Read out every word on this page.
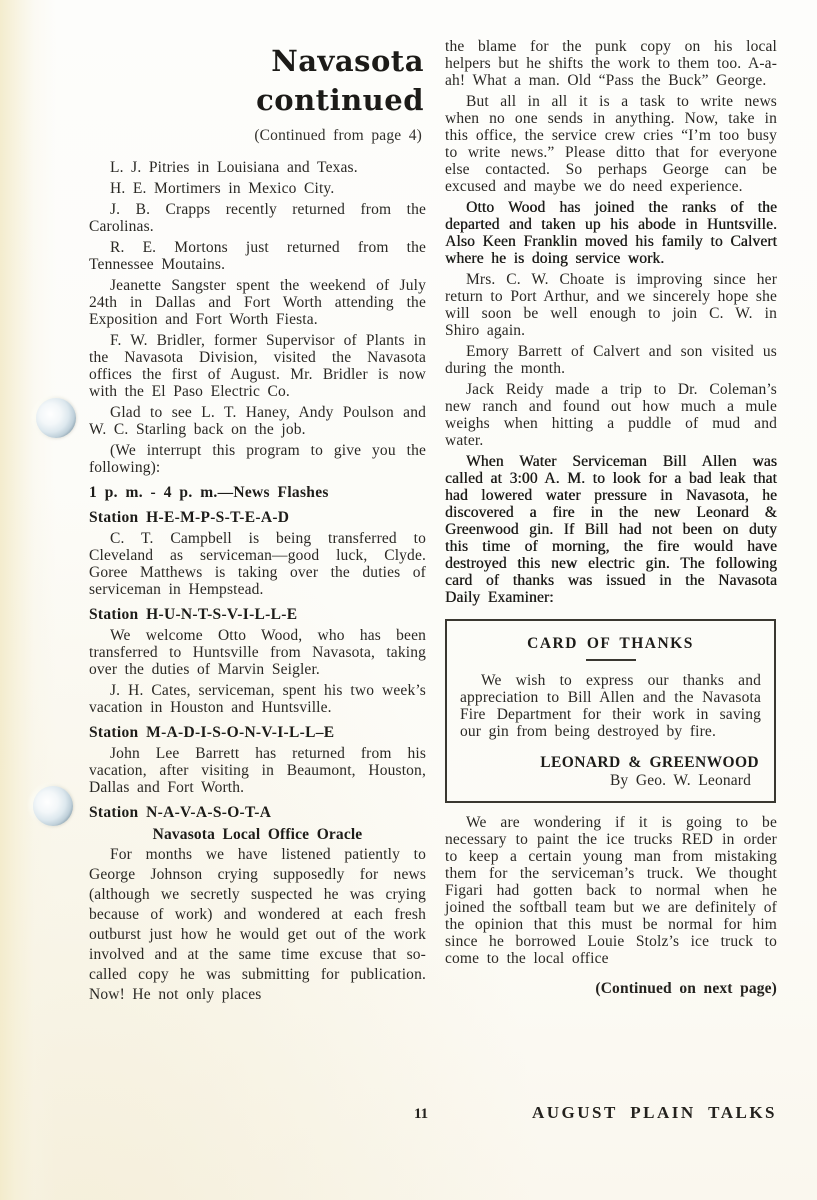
Navasota
continued
(Continued from page 4)

L. J. Pitries in Louisiana and Texas.

H. E. Mortimers in Mexico City.

J. B. Crapps recently returned from the Carolinas.

R. E. Mortons just returned from the Tennessee Moutains.

Jeanette Sangster spent the weekend of July 24th in Dallas and Fort Worth attending the Exposition and Fort Worth Fiesta.

F. W. Bridler, former Supervisor of Plants in the Navasota Division, visited the Navasota offices the first of August. Mr. Bridler is now with the El Paso Electric Co.

Glad to see L. T. Haney, Andy Poulson and W. C. Starling back on the job.

(We interrupt this program to give you the following):

1 p. m. - 4 p. m.—News Flashes
Station H-E-M-P-S-T-E-A-D

C. T. Campbell is being transferred to Cleveland as serviceman—good luck, Clyde. Goree Matthews is taking over the duties of serviceman in Hempstead.

Station H-U-N-T-S-V-I-L-L-E

We welcome Otto Wood, who has been transferred to Huntsville from Navasota, taking over the duties of Marvin Seigler.

J. H. Cates, serviceman, spent his two week’s vacation in Houston and Huntsville.

Station M-A-D-I-S-O-N-V-I-L-L–E

John Lee Barrett has returned from his vacation, after visiting in Beaumont, Houston, Dallas and Fort Worth.

Station N-A-V-A-S-O-T-A
Navasota Local Office Oracle

For months we have listened patiently to George Johnson crying supposedly for news (although we secretly suspected he was crying because of work) and wondered at each fresh outburst just how he would get out of the work involved and at the same time excuse that so-called copy he was submitting for publication. Now! He not only places

the blame for the punk copy on his local helpers but he shifts the work to them too. A-a-ah! What a man. Old “Pass the Buck” George.

But all in all it is a task to write news when no one sends in anything. Now, take in this office, the service crew cries “I’m too busy to write news.” Please ditto that for everyone else contacted. So perhaps George can be excused and maybe we do need experience.

Otto Wood has joined the ranks of the departed and taken up his abode in Huntsville. Also Keen Franklin moved his family to Calvert where he is doing service work.

Mrs. C. W. Choate is improving since her return to Port Arthur, and we sincerely hope she will soon be well enough to join C. W. in Shiro again.

Emory Barrett of Calvert and son visited us during the month.

Jack Reidy made a trip to Dr. Coleman’s new ranch and found out how much a mule weighs when hitting a puddle of mud and water.

When Water Serviceman Bill Allen was called at 3:00 A. M. to look for a bad leak that had lowered water pressure in Navasota, he discovered a fire in the new Leonard & Greenwood gin. If Bill had not been on duty this time of morning, the fire would have destroyed this new electric gin. The following card of thanks was issued in the Navasota Daily Examiner:

CARD OF THANKS

We wish to express our thanks and appreciation to Bill Allen and the Navasota Fire Department for their work in saving our gin from being destroyed by fire.

LEONARD & GREENWOOD
By Geo. W. Leonard

We are wondering if it is going to be necessary to paint the ice trucks RED in order to keep a certain young man from mistaking them for the serviceman’s truck. We thought Figari had gotten back to normal when he joined the softball team but we are definitely of the opinion that this must be normal for him since he borrowed Louie Stolz’s ice truck to come to the local office

(Continued on next page)
11	AUGUST PLAIN TALKS
